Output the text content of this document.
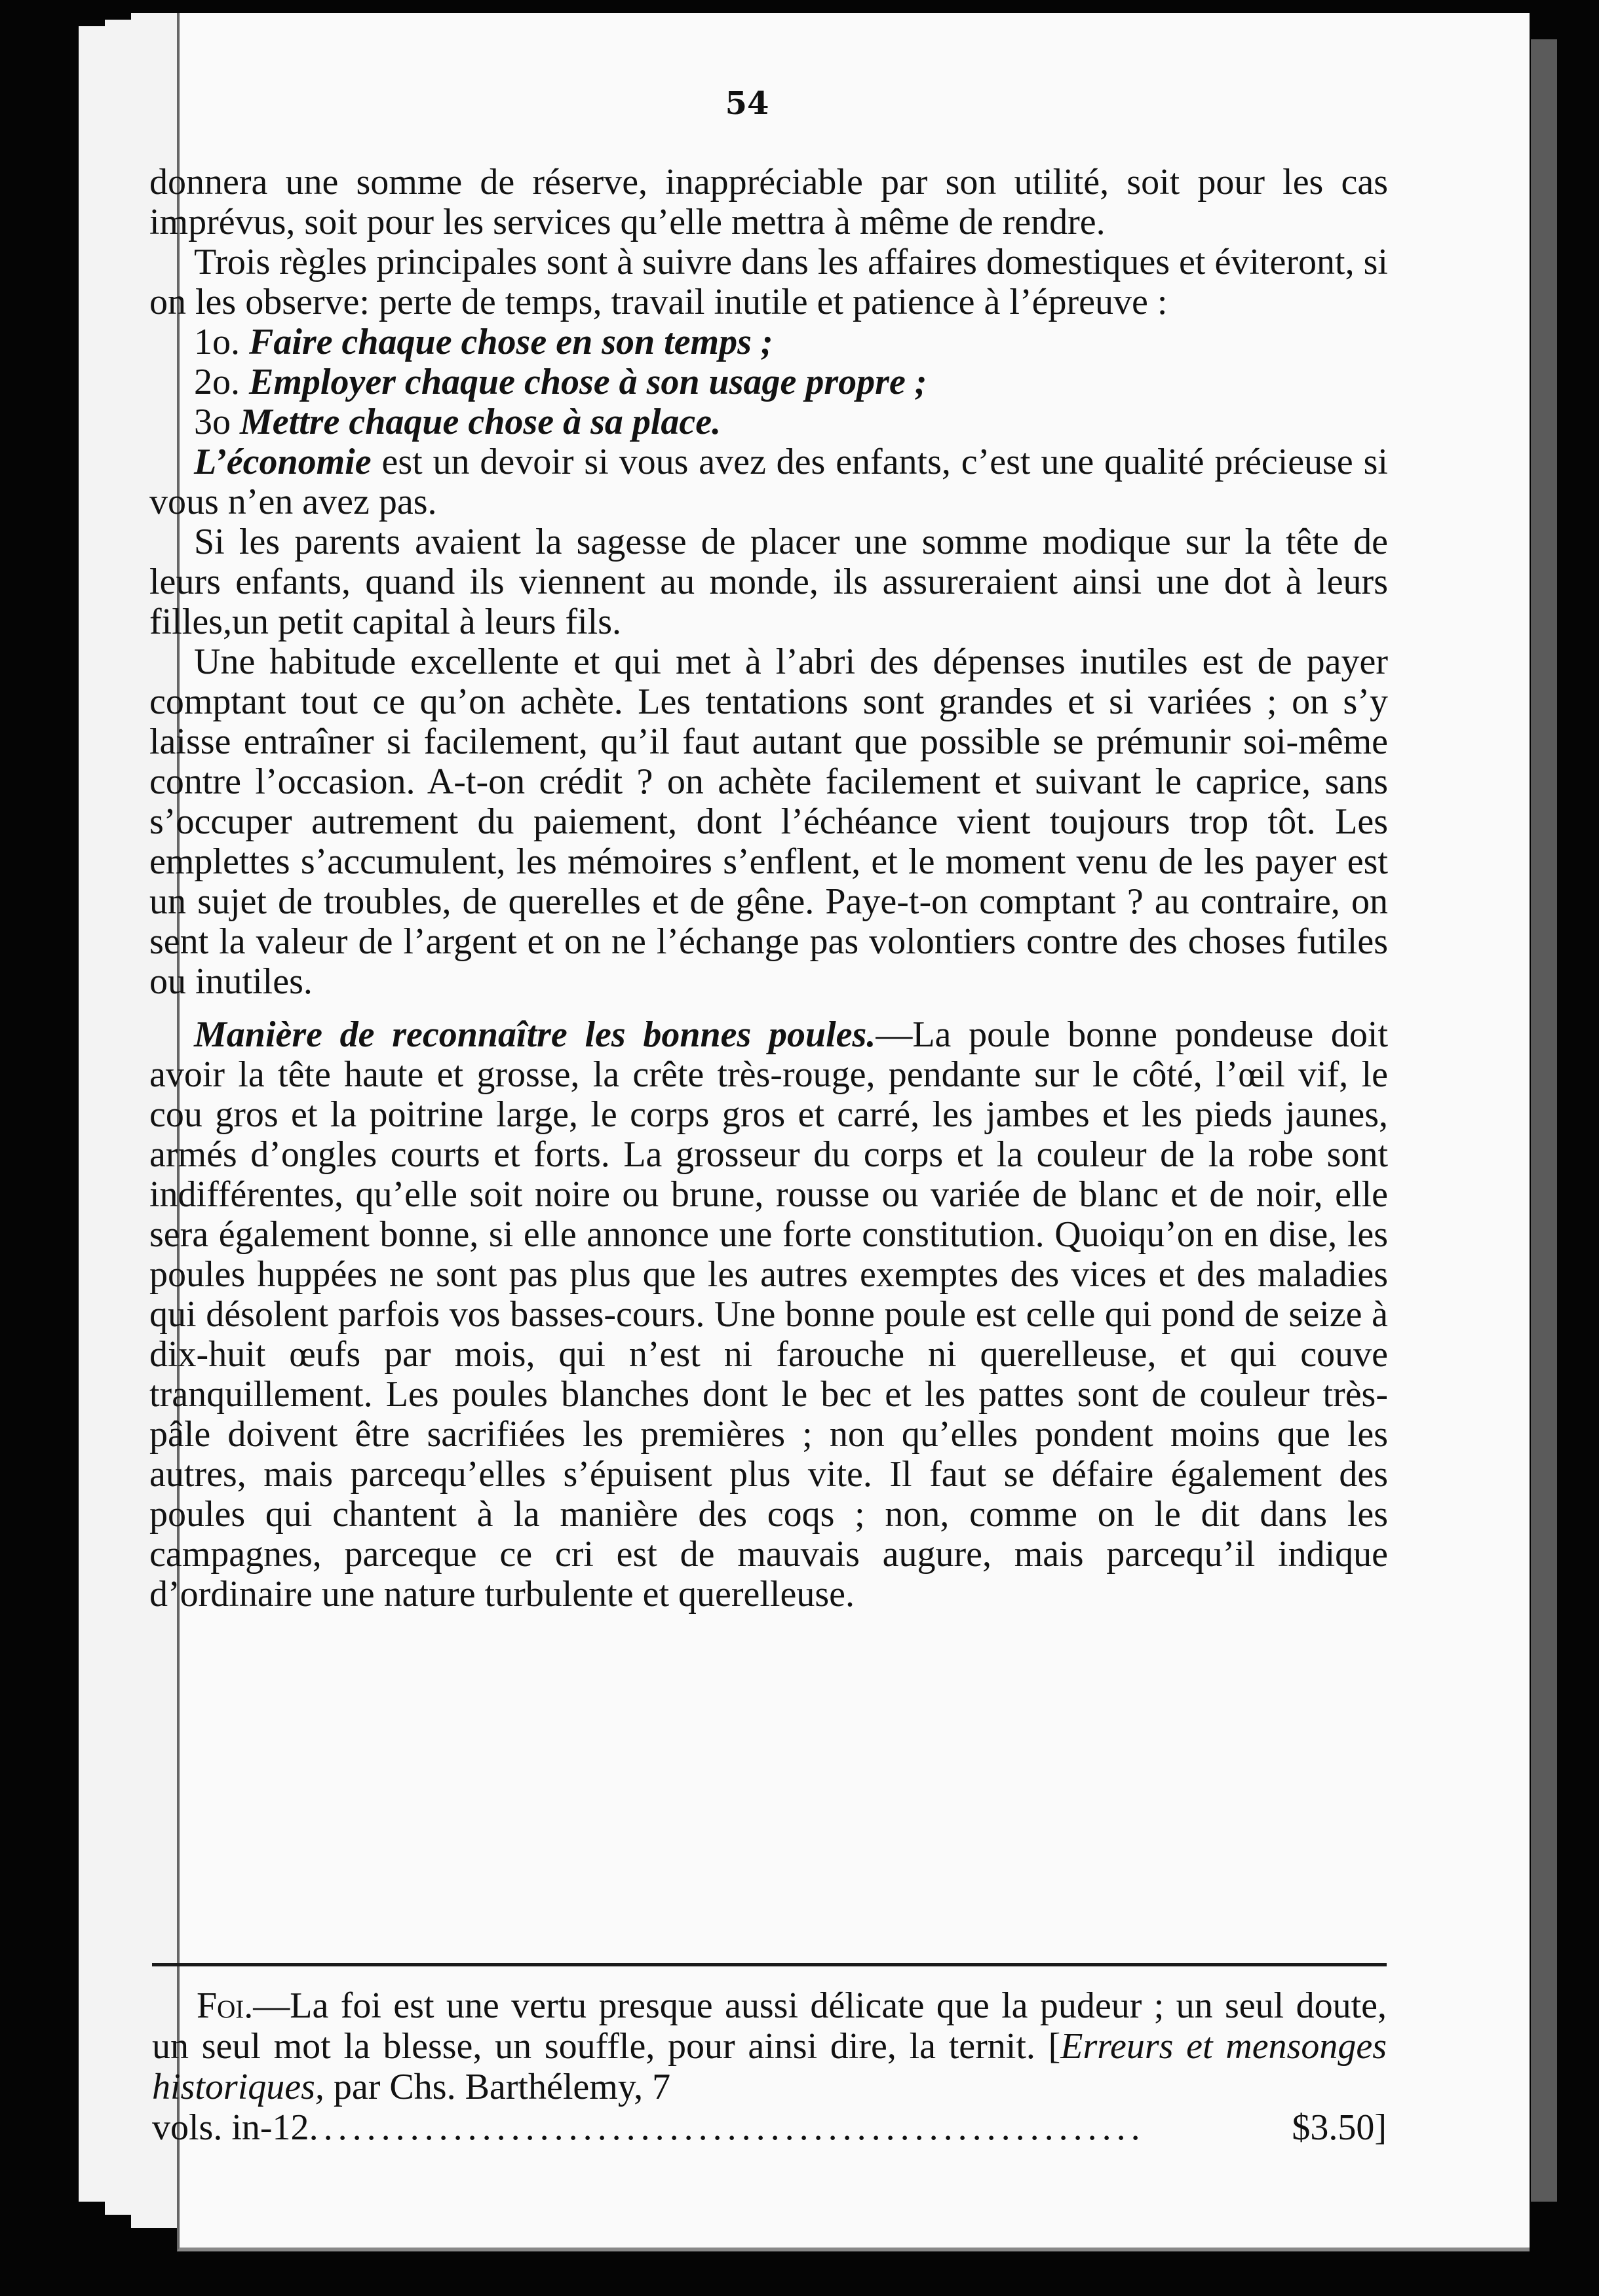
54

donnera une somme de réserve, inappréciable par son utilité, soit pour les cas imprévus, soit pour les services qu’elle mettra à même de rendre.

Trois règles principales sont à suivre dans les affaires domestiques et éviteront, si on les observe: perte de temps, travail inutile et patience à l’épreuve :

1o. Faire chaque chose en son temps ;

2o. Employer chaque chose à son usage propre ;

3o Mettre chaque chose à sa place.

L’économie est un devoir si vous avez des enfants, c’est une qualité précieuse si vous n’en avez pas.

Si les parents avaient la sagesse de placer une somme modique sur la tête de leurs enfants, quand ils viennent au monde, ils assureraient ainsi une dot à leurs filles,un petit capital à leurs fils.

Une habitude excellente et qui met à l’abri des dépenses inutiles est de payer comptant tout ce qu’on achète. Les tentations sont grandes et si variées ; on s’y laisse entraîner si facilement, qu’il faut autant que possible se prémunir soi-même contre l’occasion. A-t-on crédit ? on achète facilement et suivant le caprice, sans s’occuper autrement du paiement, dont l’échéance vient toujours trop tôt. Les emplettes s’accumulent, les mémoires s’enflent, et le moment venu de les payer est un sujet de troubles, de querelles et de gêne. Paye-t-on comptant ? au contraire, on sent la valeur de l’argent et on ne l’échange pas volontiers contre des choses futiles ou inutiles.

Manière de reconnaître les bonnes poules.—La poule bonne pondeuse doit avoir la tête haute et grosse, la crête très-rouge, pendante sur le côté, l’œil vif, le cou gros et la poitrine large, le corps gros et carré, les jambes et les pieds jaunes, armés d’ongles courts et forts. La grosseur du corps et la couleur de la robe sont indifférentes, qu’elle soit noire ou brune, rousse ou variée de blanc et de noir, elle sera également bonne, si elle annonce une forte constitution. Quoiqu’on en dise, les poules huppées ne sont pas plus que les autres exemptes des vices et des maladies qui désolent parfois vos basses-cours. Une bonne poule est celle qui pond de seize à dix-huit œufs par mois, qui n’est ni farouche ni querelleuse, et qui couve tranquillement. Les poules blanches dont le bec et les pattes sont de couleur très-pâle doivent être sacrifiées les premières ; non qu’elles pondent moins que les autres, mais parcequ’elles s’épuisent plus vite. Il faut se défaire également des poules qui chantent à la manière des coqs ; non, comme on le dit dans les campagnes, parceque ce cri est de mauvais augure, mais parcequ’il indique d’ordinaire une nature turbulente et querelleuse.

Foi.—La foi est une vertu presque aussi délicate que la pudeur ; un seul doute, un seul mot la blesse, un souffle, pour ainsi dire, la ternit. [Erreurs et mensonges historiques, par Chs. Barthélemy, 7

vols. in-12 ..........................................................	$3.50]
